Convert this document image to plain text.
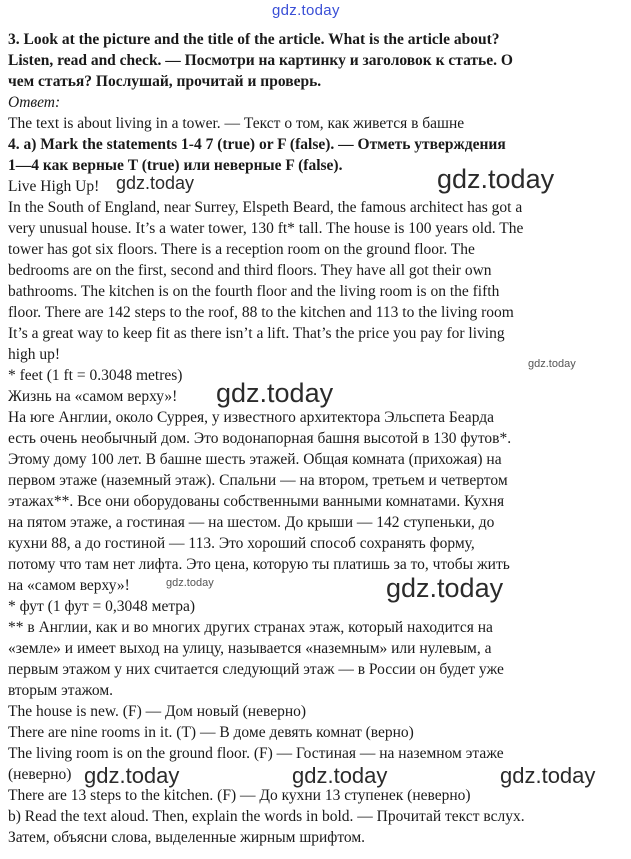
3. Look at the picture and the title of the article. What is the article about?
Listen, read and check. — Посмотри на картинку и заголовок к статье. О
чем статья? Послушай, прочитай и проверь.
Ответ:
The text is about living in a tower. — Текст о том, как живется в башне
4. a) Mark the statements 1-4 7 (true) or F (false). — Отметь утверждения
1—4 как верные T (true) или неверные F (false).
Live High Up!
In the South of England, near Surrey, Elspeth Beard, the famous architect has got a
very unusual house. It’s a water tower, 130 ft* tall. The house is 100 years old. The
tower has got six floors. There is a reception room on the ground floor. The
bedrooms are on the first, second and third floors. They have all got their own
bathrooms. The kitchen is on the fourth floor and the living room is on the fifth
floor. There are 142 steps to the roof, 88 to the kitchen and 113 to the living room
It’s a great way to keep fit as there isn’t a lift. That’s the price you pay for living
high up!
* feet (1 ft = 0.3048 metres)
Жизнь на «самом верху»!
На юге Англии, около Суррея, у известного архитектора Эльспета Беарда
есть очень необычный дом. Это водонапорная башня высотой в 130 футов*.
Этому дому 100 лет. В башне шесть этажей. Общая комната (прихожая) на
первом этаже (наземный этаж). Спальни — на втором, третьем и четвертом
этажах**. Все они оборудованы собственными ванными комнатами. Кухня
на пятом этаже, а гостиная — на шестом. До крыши — 142 ступеньки, до
кухни 88, а до гостиной — 113. Это хороший способ сохранять форму,
потому что там нет лифта. Это цена, которую ты платишь за то, чтобы жить
на «самом верху»!
* фут (1 фут = 0,3048 метра)
** в Англии, как и во многих других странах этаж, который находится на
«земле» и имеет выход на улицу, называется «наземным» или нулевым, а
первым этажом у них считается следующий этаж — в России он будет уже
вторым этажом.
The house is new. (F) — Дом новый (неверно)
There are nine rooms in it. (T) — В доме девять комнат (верно)
The living room is on the ground floor. (F) — Гостиная — на наземном этаже
(неверно)
There are 13 steps to the kitchen. (F) — До кухни 13 ступенек (неверно)
b) Read the text aloud. Then, explain the words in bold. — Прочитай текст вслух.
Затем, объясни слова, выделенные жирным шрифтом.
gdz.today
gdz.today	gdz.today
gdz.today
gdz.today
gdz.today	gdz.today
gdz.today	gdz.today	gdz.today
